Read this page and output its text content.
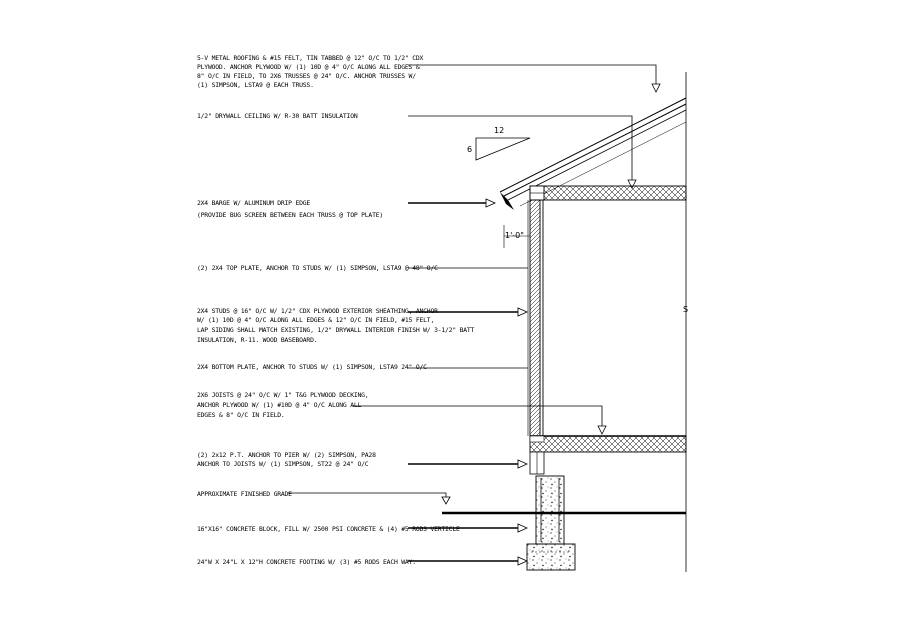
5-V METAL ROOFING & #15 FELT, TIN TABBED @ 12" O/C TO 1/2" CDX
PLYWOOD. ANCHOR PLYWOOD W/ (1) 10D @ 4" O/C ALONG ALL EDGES &
8" O/C IN FIELD, TO 2X6 TRUSSES @ 24" O/C. ANCHOR TRUSSES W/
(1) SIMPSON, LSTA9 @ EACH TRUSS.
1/2" DRYWALL CEILING W/ R-30 BATT INSULATION
2X4 BARGE W/ ALUMINUM DRIP EDGE
(PROVIDE BUG SCREEN BETWEEN EACH TRUSS @ TOP PLATE)
(2) 2X4 TOP PLATE, ANCHOR TO STUDS W/ (1) SIMPSON, LSTA9 @ 48" O/C
2X4 STUDS @ 16" O/C W/ 1/2" CDX PLYWOOD EXTERIOR SHEATHING, ANCHOR
W/ (1) 10D @ 4" O/C ALONG ALL EDGES & 12" O/C IN FIELD, #15 FELT,
LAP SIDING SHALL MATCH EXISTING, 1/2" DRYWALL INTERIOR FINISH W/ 3-1/2" BATT
INSULATION, R-11. WOOD BASEBOARD.
2X4 BOTTOM PLATE, ANCHOR TO STUDS W/ (1) SIMPSON, LSTA9 24" O/C
2X6 JOISTS @ 24" O/C W/ 1" T&G PLYWOOD DECKING,
ANCHOR PLYWOOD W/ (1) #10D @ 4" O/C ALONG ALL
EDGES & 8" O/C IN FIELD.
(2) 2x12 P.T. ANCHOR TO PIER W/ (2) SIMPSON, PA28
ANCHOR TO JOISTS W/ (1) SIMPSON, ST22 @ 24" O/C
APPROXIMATE FINISHED GRADE
16"X16" CONCRETE BLOCK, FILL W/ 2500 PSI CONCRETE & (4) #5 RODS VERTICLE
24"W X 24"L X 12"H CONCRETE FOOTING W/ (3) #5 RODS EACH WAY.
S
12
6
1'-0"
